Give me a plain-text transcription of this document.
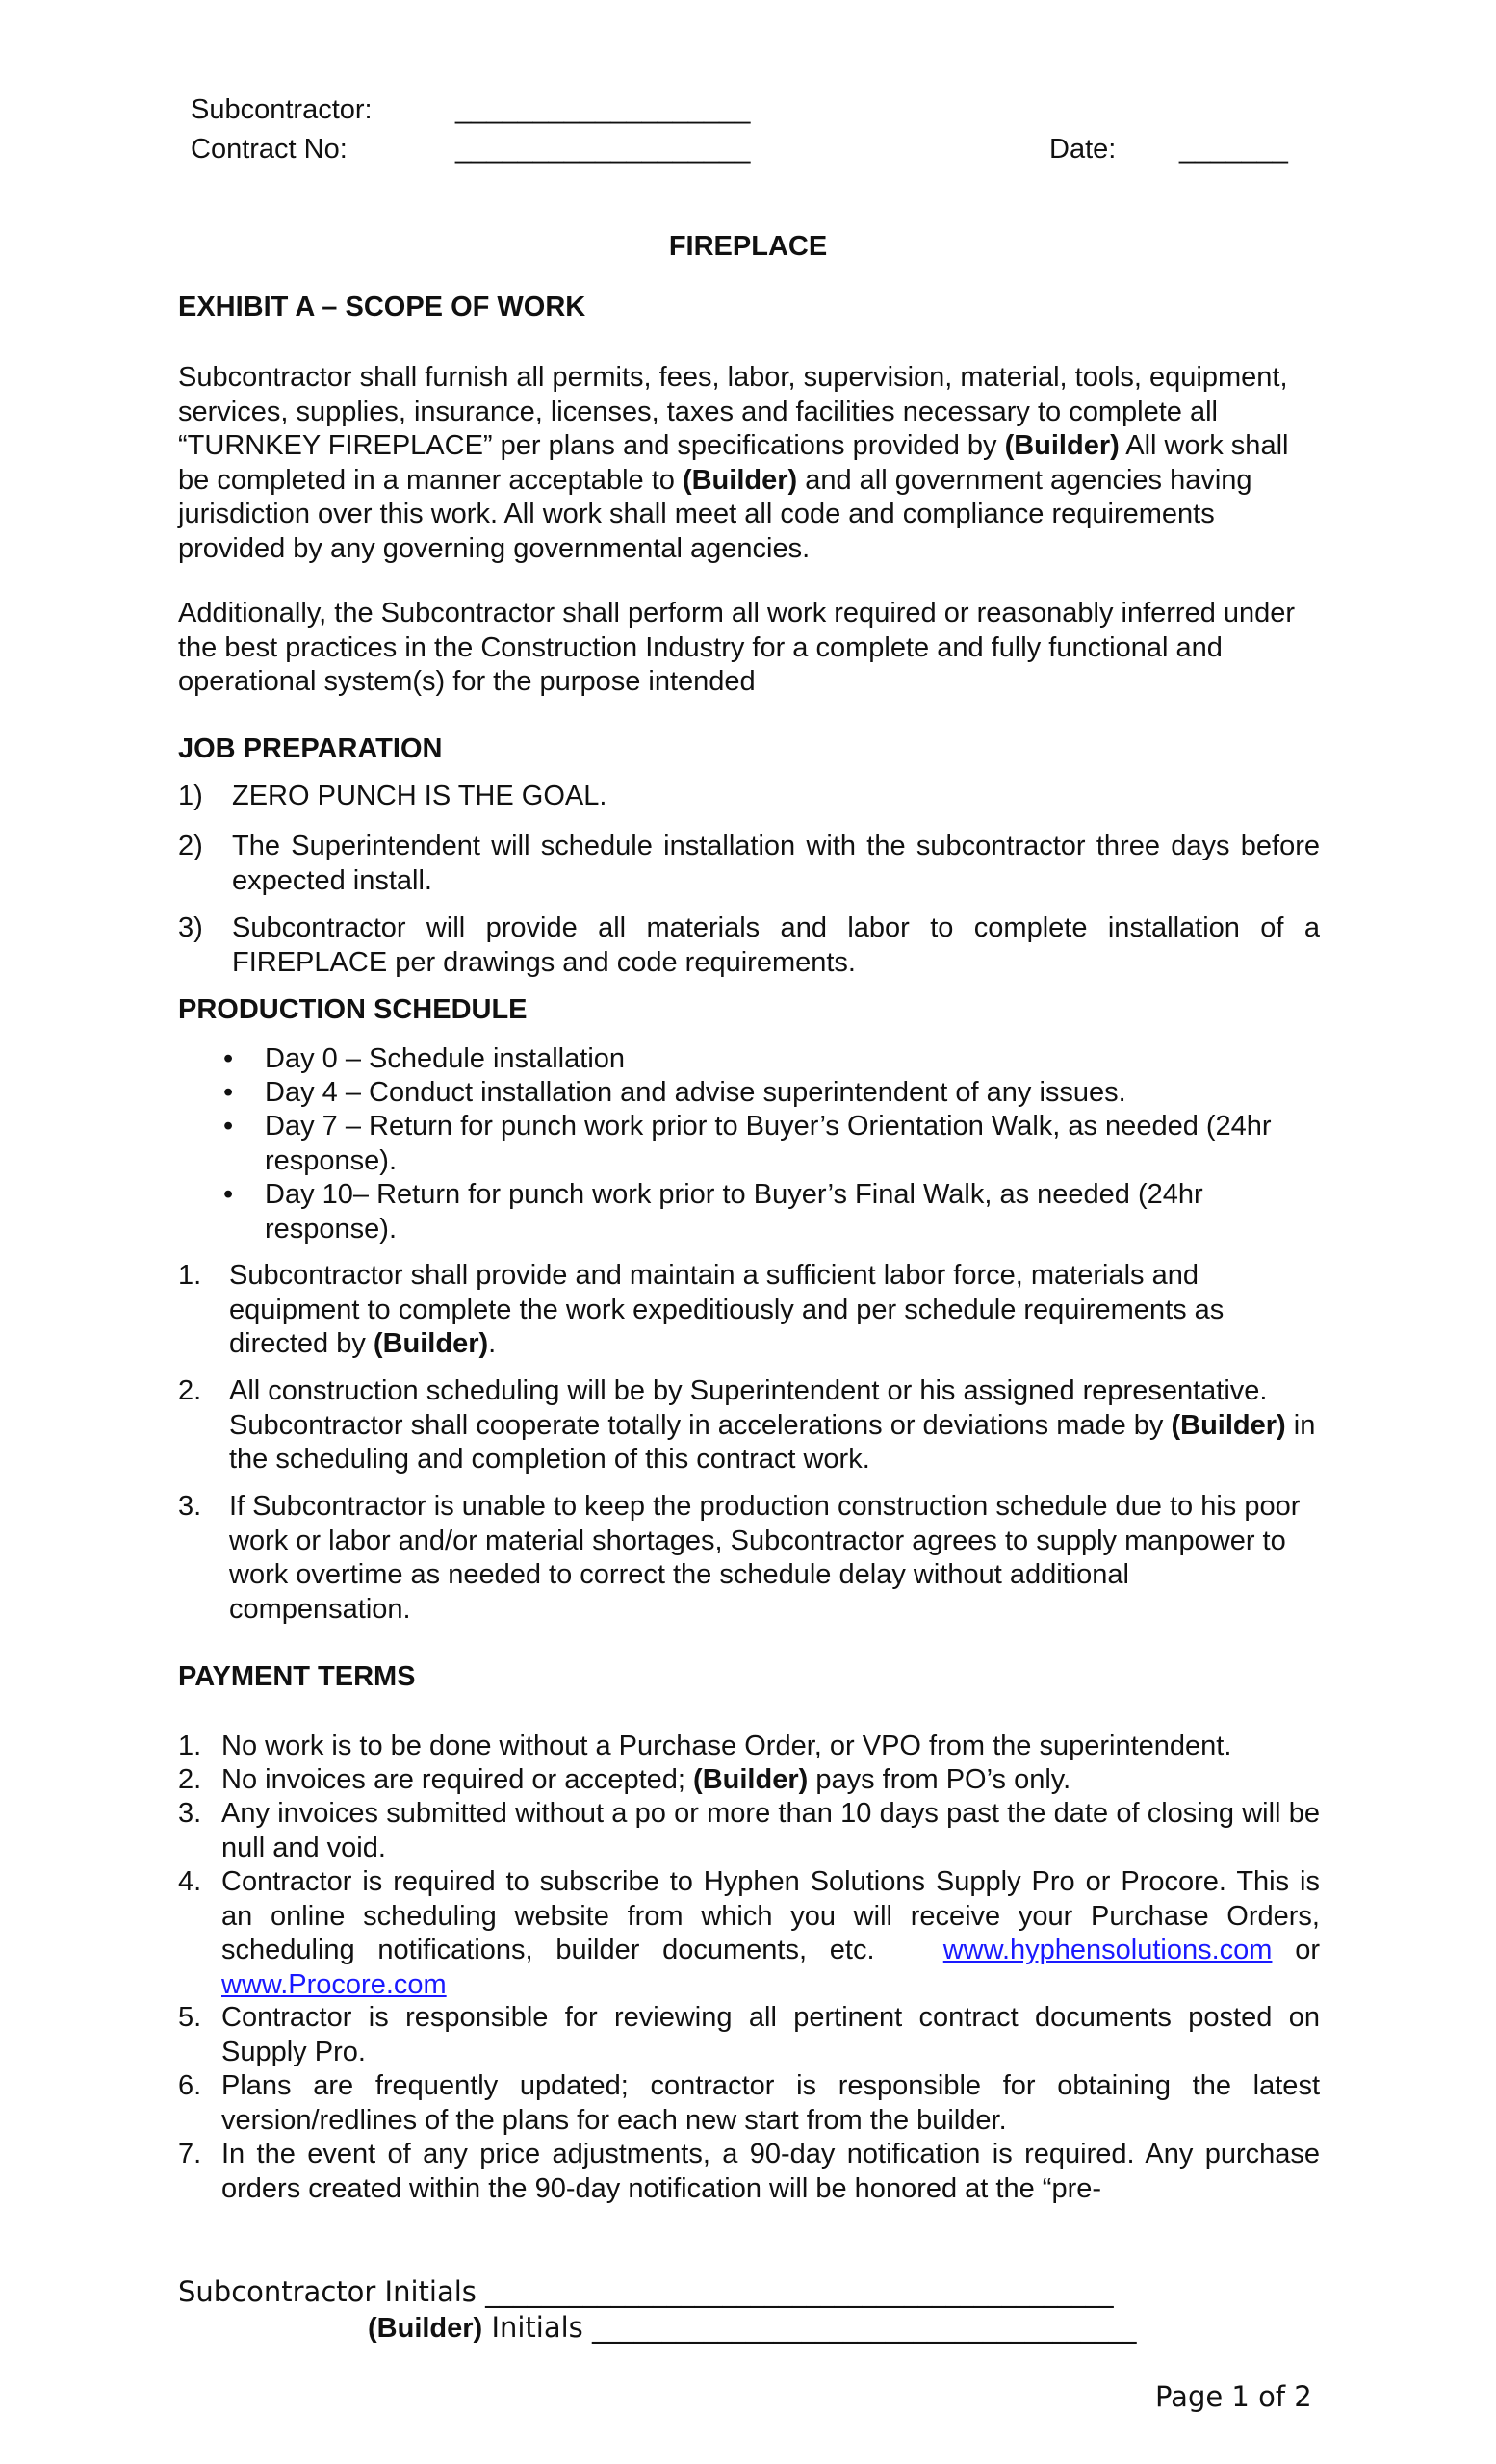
Subcontractor:	___________________
Contract No:	___________________	Date: _______
FIREPLACE
EXHIBIT A – SCOPE OF WORK
Subcontractor shall furnish all permits, fees, labor, supervision, material, tools, equipment, services, supplies, insurance, licenses, taxes and facilities necessary to complete all “TURNKEY FIREPLACE” per plans and specifications provided by (Builder) All work shall be completed in a manner acceptable to (Builder) and all government agencies having jurisdiction over this work. All work shall meet all code and compliance requirements provided by any governing governmental agencies.
Additionally, the Subcontractor shall perform all work required or reasonably inferred under the best practices in the Construction Industry for a complete and fully functional and operational system(s) for the purpose intended
JOB PREPARATION
1) ZERO PUNCH IS THE GOAL.
2) The Superintendent will schedule installation with the subcontractor three days before expected install.
3) Subcontractor will provide all materials and labor to complete installation of a FIREPLACE per drawings and code requirements.
PRODUCTION SCHEDULE
• Day 0 – Schedule installation
• Day 4 – Conduct installation and advise superintendent of any issues.
• Day 7 – Return for punch work prior to Buyer’s Orientation Walk, as needed (24hr response).
• Day 10– Return for punch work prior to Buyer’s Final Walk, as needed (24hr response).
1. Subcontractor shall provide and maintain a sufficient labor force, materials and equipment to complete the work expeditiously and per schedule requirements as directed by (Builder).
2. All construction scheduling will be by Superintendent or his assigned representative. Subcontractor shall cooperate totally in accelerations or deviations made by (Builder) in the scheduling and completion of this contract work.
3. If Subcontractor is unable to keep the production construction schedule due to his poor work or labor and/or material shortages, Subcontractor agrees to supply manpower to work overtime as needed to correct the schedule delay without additional compensation.
PAYMENT TERMS
1. No work is to be done without a Purchase Order, or VPO from the superintendent.
2. No invoices are required or accepted; (Builder) pays from PO’s only.
3. Any invoices submitted without a po or more than 10 days past the date of closing will be null and void.
4. Contractor is required to subscribe to Hyphen Solutions Supply Pro or Procore. This is an online scheduling website from which you will receive your Purchase Orders, scheduling notifications, builder documents, etc. www.hyphensolutions.com or www.Procore.com
5. Contractor is responsible for reviewing all pertinent contract documents posted on Supply Pro.
6. Plans are frequently updated; contractor is responsible for obtaining the latest version/redlines of the plans for each new start from the builder.
7. In the event of any price adjustments, a 90-day notification is required. Any purchase orders created within the 90-day notification will be honored at the “pre-
Subcontractor Initials _____________________________________________
(Builder) Initials _______________________________________
Page 1 of 2
